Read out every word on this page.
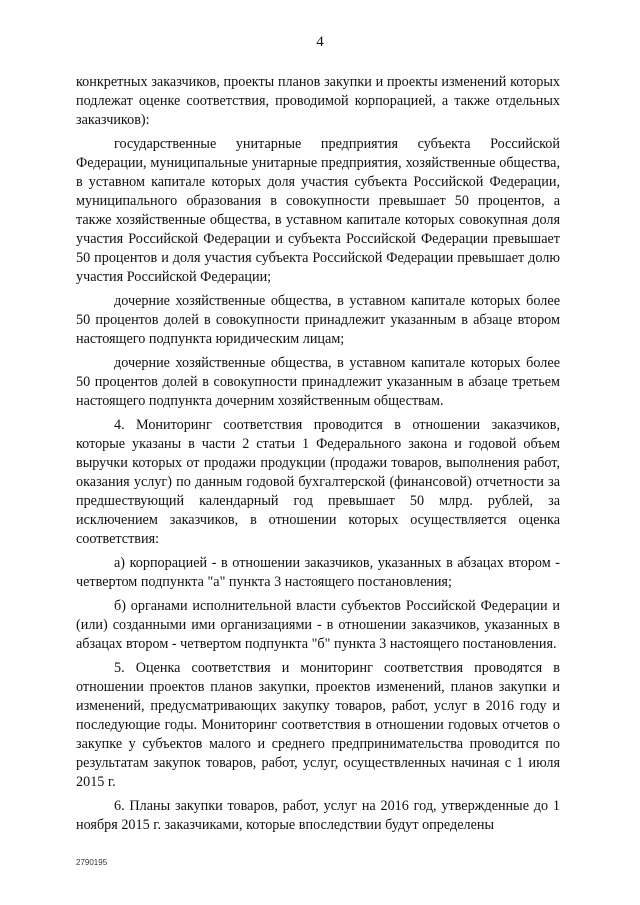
4

конкретных заказчиков, проекты планов закупки и проекты изменений которых подлежат оценке соответствия, проводимой корпорацией, а также отдельных заказчиков):

государственные унитарные предприятия субъекта Российской Федерации, муниципальные унитарные предприятия, хозяйственные общества, в уставном капитале которых доля участия субъекта Российской Федерации, муниципального образования в совокупности превышает 50 процентов, а также хозяйственные общества, в уставном капитале которых совокупная доля участия Российской Федерации и субъекта Российской Федерации превышает 50 процентов и доля участия субъекта Российской Федерации превышает долю участия Российской Федерации;

дочерние хозяйственные общества, в уставном капитале которых более 50 процентов долей в совокупности принадлежит указанным в абзаце втором настоящего подпункта юридическим лицам;

дочерние хозяйственные общества, в уставном капитале которых более 50 процентов долей в совокупности принадлежит указанным в абзаце третьем настоящего подпункта дочерним хозяйственным обществам.

4. Мониторинг соответствия проводится в отношении заказчиков, которые указаны в части 2 статьи 1 Федерального закона и годовой объем выручки которых от продажи продукции (продажи товаров, выполнения работ, оказания услуг) по данным годовой бухгалтерской (финансовой) отчетности за предшествующий календарный год превышает 50 млрд. рублей, за исключением заказчиков, в отношении которых осуществляется оценка соответствия:

а) корпорацией - в отношении заказчиков, указанных в абзацах втором - четвертом подпункта "а" пункта 3 настоящего постановления;

б) органами исполнительной власти субъектов Российской Федерации и (или) созданными ими организациями - в отношении заказчиков, указанных в абзацах втором - четвертом подпункта "б" пункта 3 настоящего постановления.

5. Оценка соответствия и мониторинг соответствия проводятся в отношении проектов планов закупки, проектов изменений, планов закупки и изменений, предусматривающих закупку товаров, работ, услуг в 2016 году и последующие годы. Мониторинг соответствия в отношении годовых отчетов о закупке у субъектов малого и среднего предпринимательства проводится по результатам закупок товаров, работ, услуг, осуществленных начиная с 1 июля 2015 г.

6. Планы закупки товаров, работ, услуг на 2016 год, утвержденные до 1 ноября 2015 г. заказчиками, которые впоследствии будут определены

2790195
